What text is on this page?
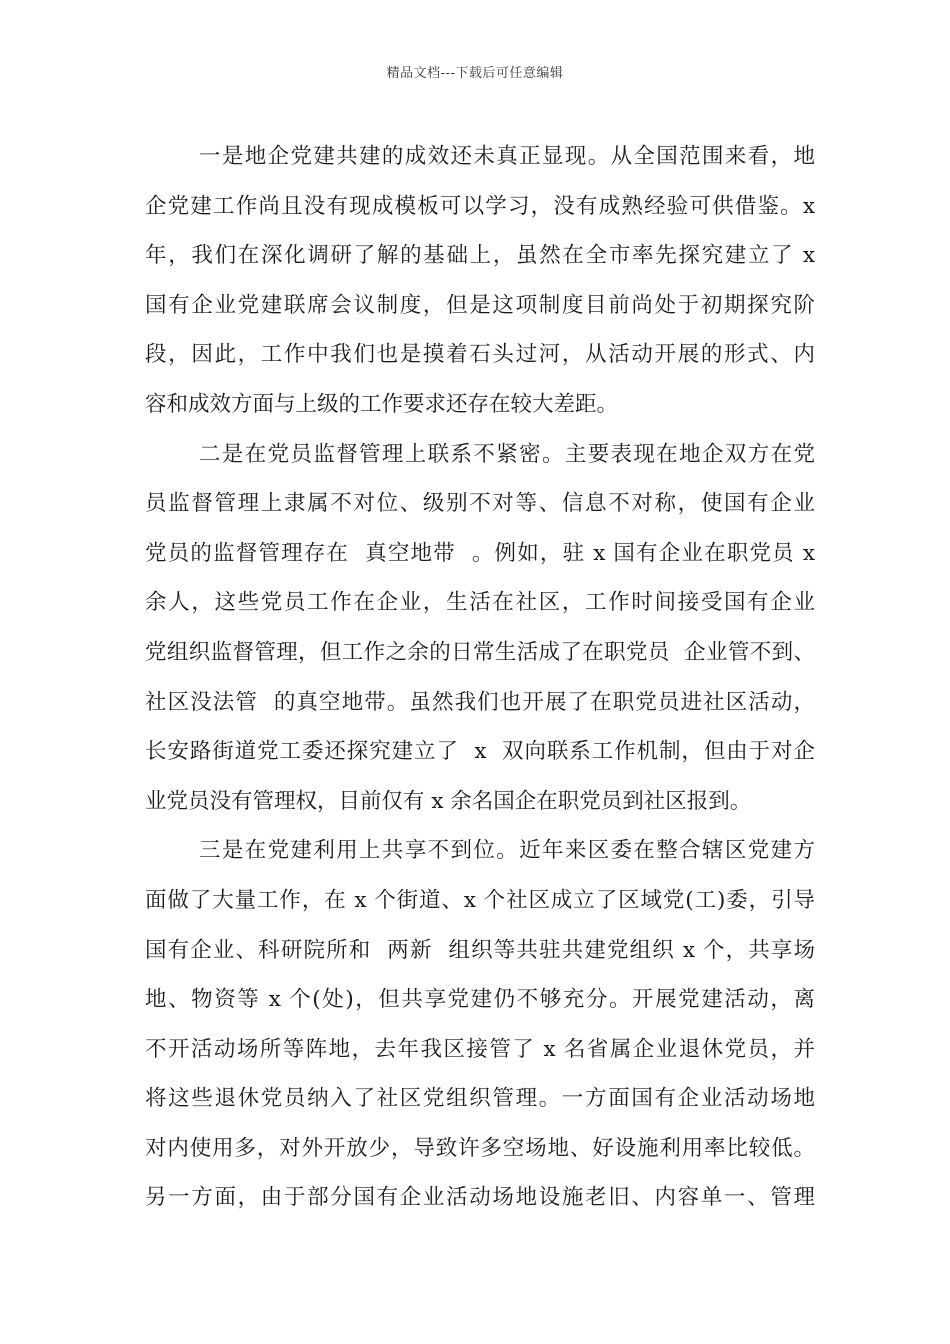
精品文档---下载后可任意编辑
一是地企党建共建的成效还未真正显现。从全国范围来看，地
企党建工作尚且没有现成模板可以学习，没有成熟经验可供借鉴。x
年，我们在深化调研了解的基础上，虽然在全市率先探究建立了 x
国有企业党建联席会议制度，但是这项制度目前尚处于初期探究阶
段，因此，工作中我们也是摸着石头过河，从活动开展的形式、内
容和成效方面与上级的工作要求还存在较大差距。
二是在党员监督管理上联系不紧密。主要表现在地企双方在党
员监督管理上隶属不对位、级别不对等、信息不对称，使国有企业
党员的监督管理存在  真空地带  。例如，驻 x 国有企业在职党员 x
余人，这些党员工作在企业，生活在社区，工作时间接受国有企业
党组织监督管理，但工作之余的日常生活成了在职党员  企业管不到、
社区没法管  的真空地带。虽然我们也开展了在职党员进社区活动，
长安路街道党工委还探究建立了  x  双向联系工作机制，但由于对企
业党员没有管理权，目前仅有 x 余名国企在职党员到社区报到。
三是在党建利用上共享不到位。近年来区委在整合辖区党建方
面做了大量工作，在 x 个街道、x 个社区成立了区域党(工)委，引导
国有企业、科研院所和  两新  组织等共驻共建党组织 x 个，共享场
地、物资等 x 个(处)，但共享党建仍不够充分。开展党建活动，离
不开活动场所等阵地，去年我区接管了 x 名省属企业退休党员，并
将这些退休党员纳入了社区党组织管理。一方面国有企业活动场地
对内使用多，对外开放少，导致许多空场地、好设施利用率比较低。
另一方面，由于部分国有企业活动场地设施老旧、内容单一、管理
